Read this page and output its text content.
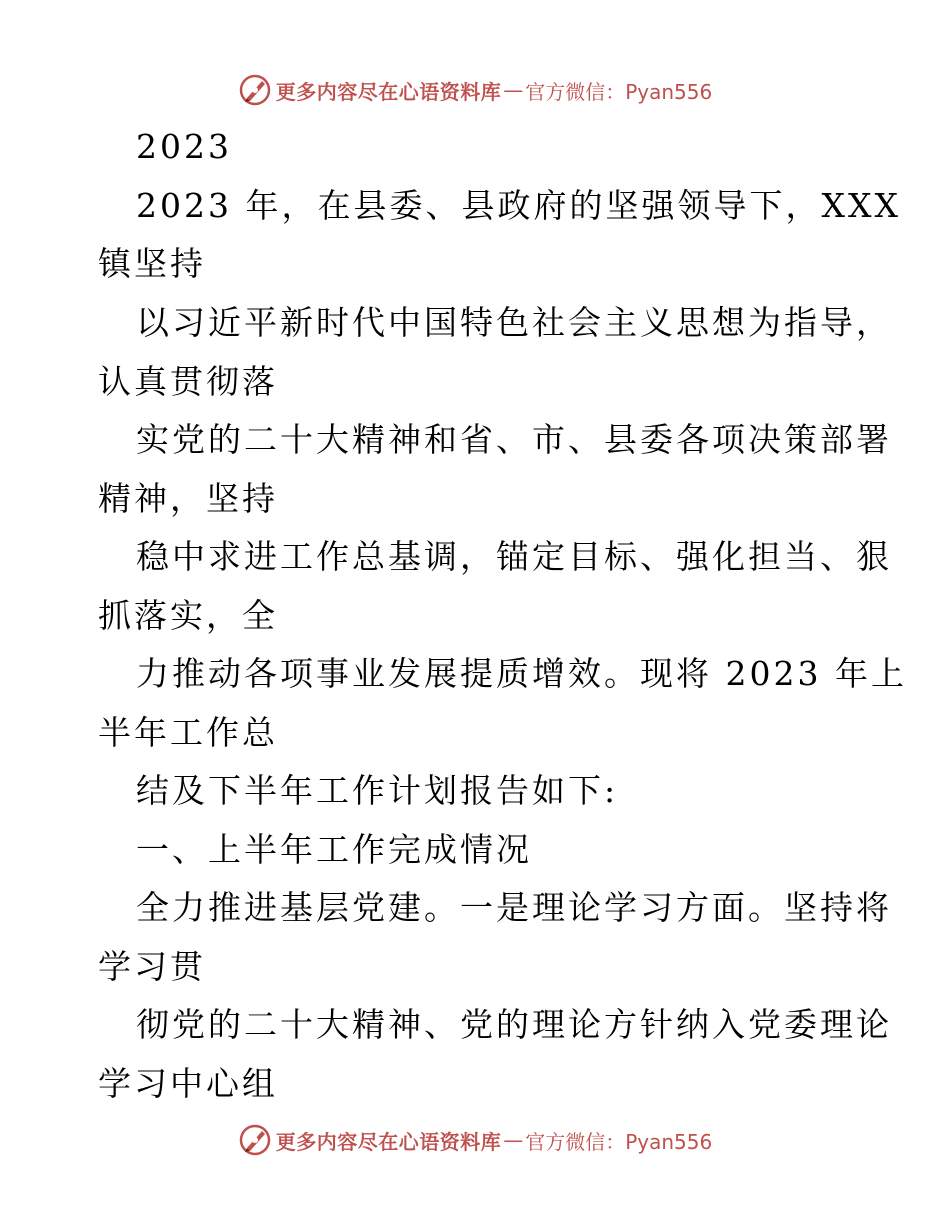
更多内容尽在心语资料库 — 官方微信：Pyan556
2023
2023 年，在县委、县政府的坚强领导下，XXX
镇坚持
以习近平新时代中国特色社会主义思想为指导，
认真贯彻落
实党的二十大精神和省、市、县委各项决策部署
精神，坚持
稳中求进工作总基调，锚定目标、强化担当、狠
抓落实，全
力推动各项事业发展提质增效。现将 2023 年上
半年工作总
结及下半年工作计划报告如下:
一、上半年工作完成情况
全力推进基层党建。一是理论学习方面。坚持将
学习贯
彻党的二十大精神、党的理论方针纳入党委理论
学习中心组
更多内容尽在心语资料库 — 官方微信：Pyan556
